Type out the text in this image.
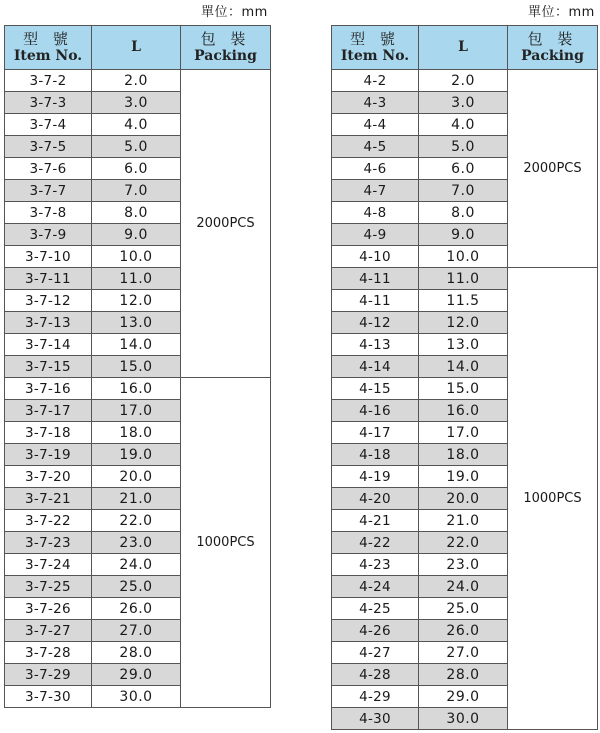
單位：mm	單位：mm
型 號
Item No.	L	包 裝
Packing

3-7-2	2.0	2000PCS
3-7-3	3.0	
3-7-4	4.0	
3-7-5	5.0	
3-7-6	6.0	
3-7-7	7.0	
3-7-8	8.0	
3-7-9	9.0	
3-7-10	10.0	
3-7-11	11.0	
3-7-12	12.0	
3-7-13	13.0	
3-7-14	14.0	
3-7-15	15.0	
3-7-16	16.0	1000PCS
3-7-17	17.0	
3-7-18	18.0	
3-7-19	19.0	
3-7-20	20.0	
3-7-21	21.0	
3-7-22	22.0	
3-7-23	23.0	
3-7-24	24.0	
3-7-25	25.0	
3-7-26	26.0	
3-7-27	27.0	
3-7-28	28.0	
3-7-29	29.0	
3-7-30	30.0	
型 號
Item No.	L	包 裝
Packing

4-2	2.0	2000PCS
4-3	3.0	
4-4	4.0	
4-5	5.0	
4-6	6.0	
4-7	7.0	
4-8	8.0	
4-9	9.0	
4-10	10.0	
4-11	11.0	1000PCS
4-11	11.5	
4-12	12.0	
4-13	13.0	
4-14	14.0	
4-15	15.0	
4-16	16.0	
4-17	17.0	
4-18	18.0	
4-19	19.0	
4-20	20.0	
4-21	21.0	
4-22	22.0	
4-23	23.0	
4-24	24.0	
4-25	25.0	
4-26	26.0	
4-27	27.0	
4-28	28.0	
4-29	29.0	
4-30	30.0	
